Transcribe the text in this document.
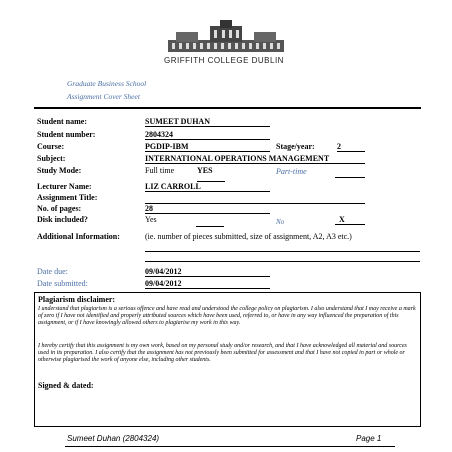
GRIFFITH COLLEGE DUBLIN
Graduate Business School
Assignment Cover Sheet
Student name:	SUMEET DUHAN
Student number:	2804324
Course:	PGDIP-IBM	Stage/year:	2
Subject:	INTERNATIONAL OPERATIONS MANAGEMENT
Study Mode:	Full time	YES	Part-time
Lecturer Name:	LIZ CARROLL
Assignment Title:
No. of pages:	28
Disk included?	Yes	No	X
Additional Information:	(ie. number of pieces submitted, size of assignment, A2, A3 etc.)
Date due:	09/04/2012
Date submitted:	09/04/2012
Plagiarism disclaimer:
I understand that plagiarism is a serious offence and have read and understood the college policy on plagiarism. I also understand that I may receive a mark of zero if I have not identified and properly attributed sources which have been used, referred to, or have in any way influenced the preparation of this assignment, or if I have knowingly allowed others to plagiarise my work in this way.
I hereby certify that this assignment is my own work, based on my personal study and/or research, and that I have acknowledged all material and sources used in its preparation. I also certify that the assignment has not previously been submitted for assessment and that I have not copied in part or whole or otherwise plagiarised the work of anyone else, including other students.
Signed & dated:
Sumeet Duhan (2804324)	Page 1
